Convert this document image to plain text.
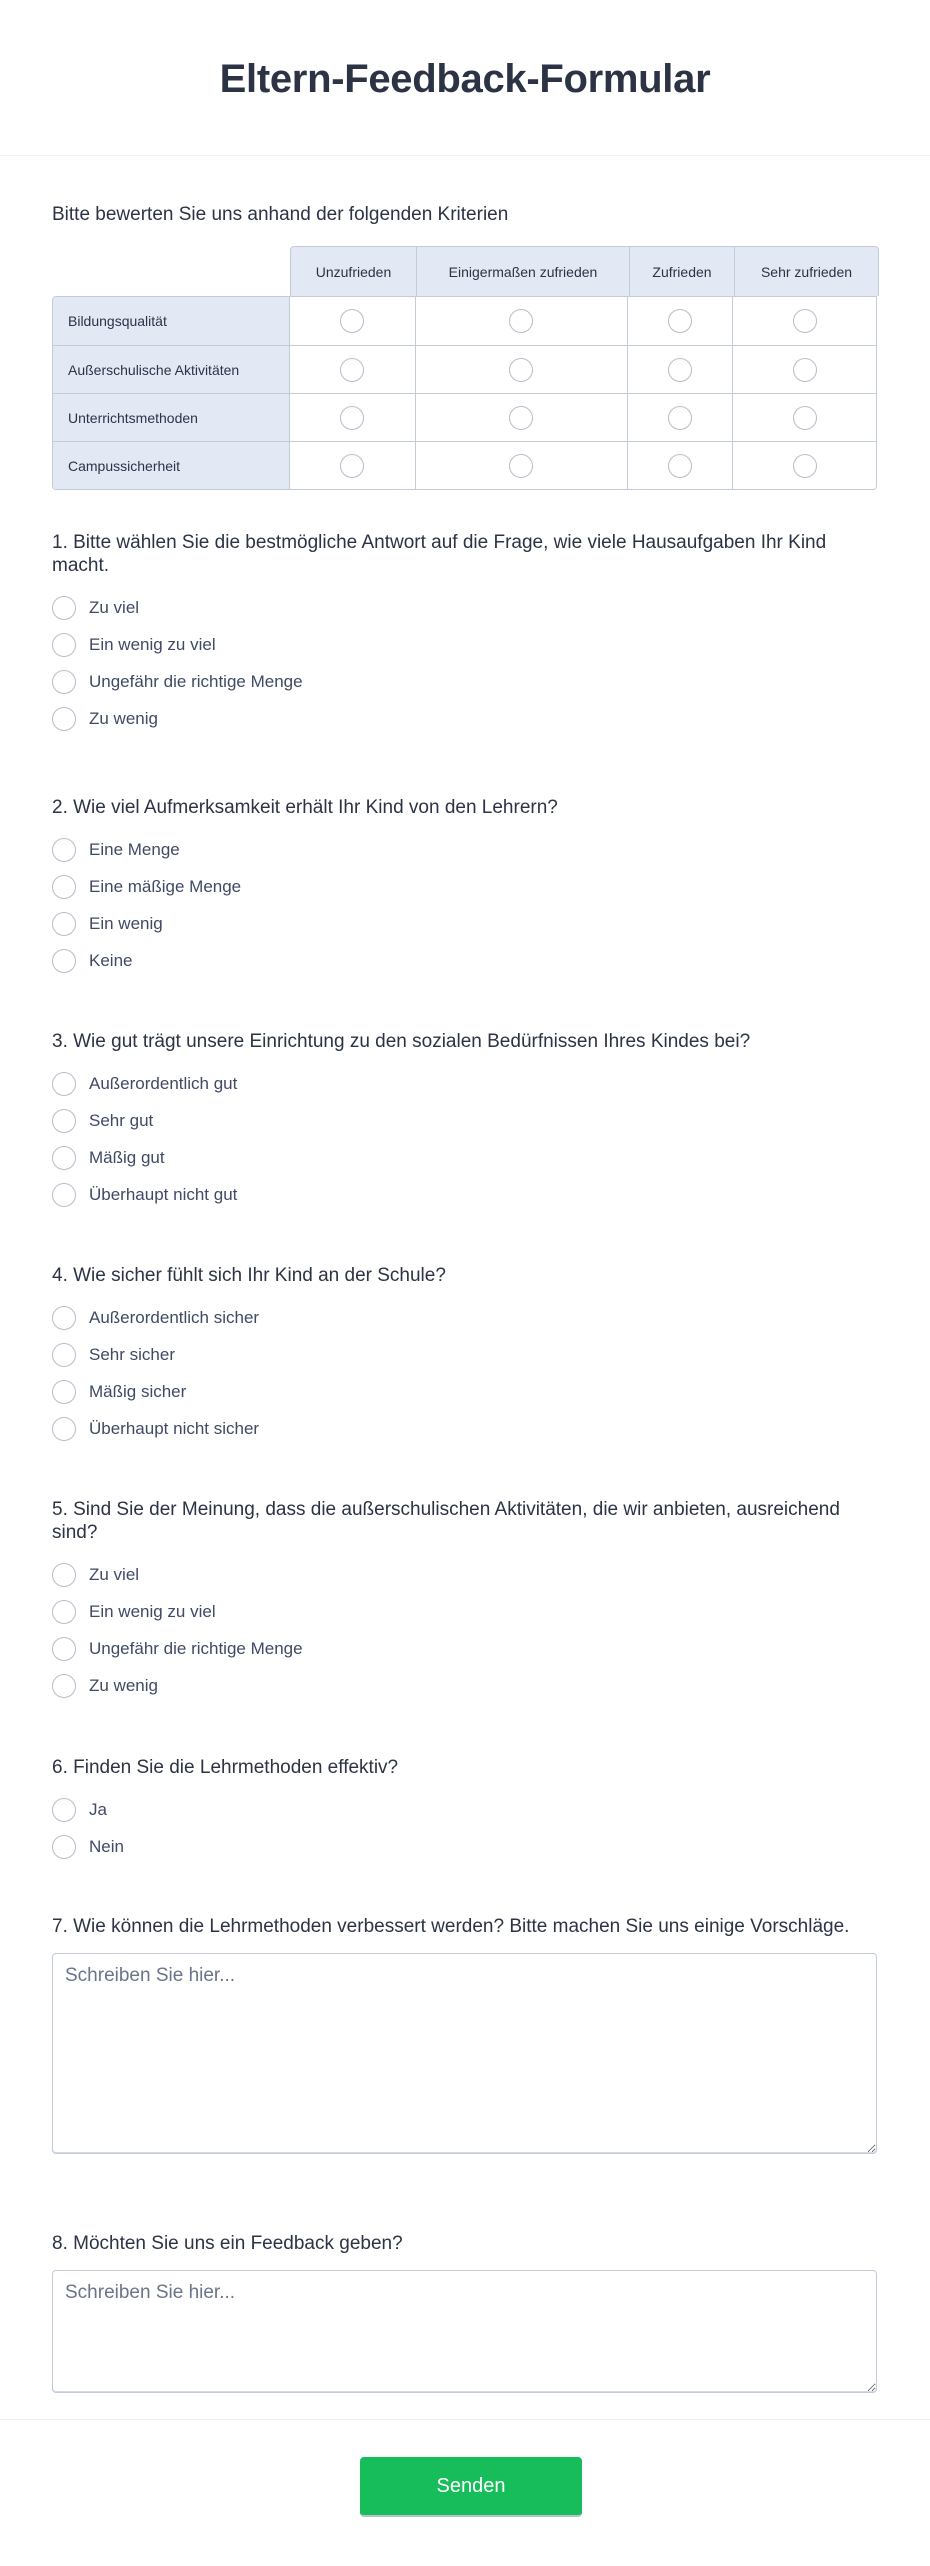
Eltern-Feedback-Formular
Bitte bewerten Sie uns anhand der folgenden Kriterien
Unzufrieden	Einigermaßen zufrieden	Zufrieden	Sehr zufrieden
Bildungsqualität
Außerschulische Aktivitäten
Unterrichtsmethoden
Campussicherheit
1. Bitte wählen Sie die bestmögliche Antwort auf die Frage, wie viele Hausaufgaben Ihr Kind macht.
Zu viel
Ein wenig zu viel
Ungefähr die richtige Menge
Zu wenig
2. Wie viel Aufmerksamkeit erhält Ihr Kind von den Lehrern?
Eine Menge
Eine mäßige Menge
Ein wenig
Keine
3. Wie gut trägt unsere Einrichtung zu den sozialen Bedürfnissen Ihres Kindes bei?
Außerordentlich gut
Sehr gut
Mäßig gut
Überhaupt nicht gut
4. Wie sicher fühlt sich Ihr Kind an der Schule?
Außerordentlich sicher
Sehr sicher
Mäßig sicher
Überhaupt nicht sicher
5. Sind Sie der Meinung, dass die außerschulischen Aktivitäten, die wir anbieten, ausreichend sind?
Zu viel
Ein wenig zu viel
Ungefähr die richtige Menge
Zu wenig
6. Finden Sie die Lehrmethoden effektiv?
Ja
Nein
7. Wie können die Lehrmethoden verbessert werden? Bitte machen Sie uns einige Vorschläge.
Schreiben Sie hier...
8. Möchten Sie uns ein Feedback geben?
Schreiben Sie hier...
Senden
